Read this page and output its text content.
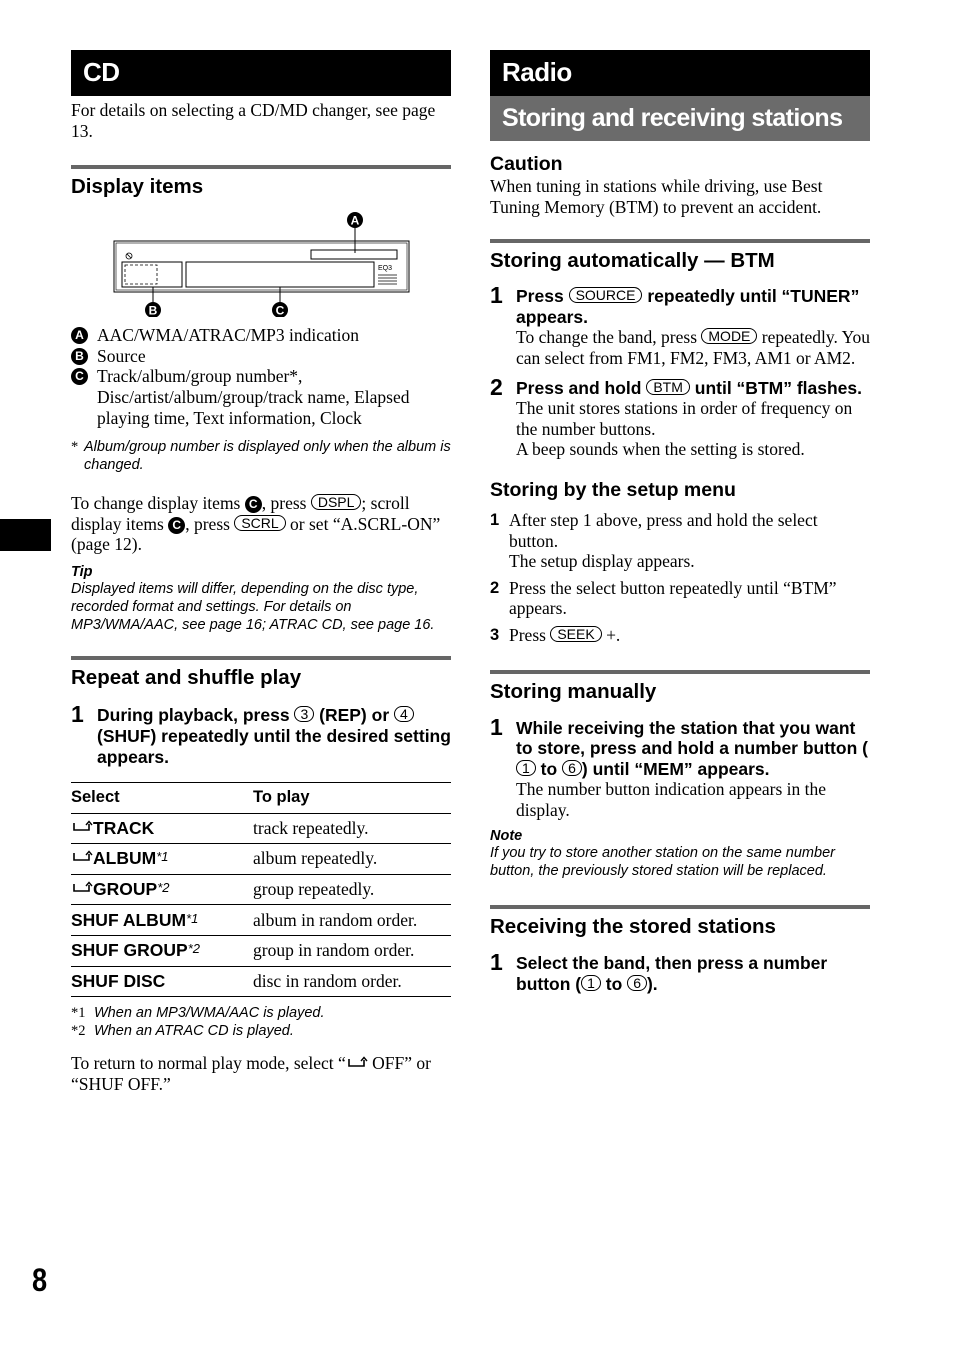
CD

For details on selecting a CD/MD changer, see page 13.

Display items
EQ3
A
B	C
A AAC/WMA/ATRAC/MP3 indication
B Source
C Track/album/group number*, Disc/artist/album/group/track name, Elapsed playing time, Text information, Clock
* Album/group number is displayed only when the album is changed.

To change display items C , press DSPL ; scroll display items C , press SCRL or set “A.SCRL-ON” (page 12).

Tip
Displayed items will differ, depending on the disc type, recorded format and settings. For details on MP3/WMA/AAC, see page 16; ATRAC CD, see page 16.
Repeat and shuffle play
1 During playback, press 3 (REP) or 4 (SHUF) repeatedly until the desired setting appears.
Select	To play
TRACK	track repeatedly.
ALBUM$^{*1}$	album repeatedly.
GROUP$^{*2}$	group repeatedly.
SHUF ALBUM$^{*1}$	album in random order.
SHUF GROUP$^{*2}$	group in random order.
SHUF DISC	disc in random order.
*1 When an MP3/WMA/AAC is played.
*2 When an ATRAC CD is played.

To return to normal play mode, select “ OFF” or “SHUF OFF.”

Radio
Storing and receiving stations
Caution

When tuning in stations while driving, use Best Tuning Memory (BTM) to prevent an accident.

Storing automatically — BTM
1 Press SOURCE repeatedly until “TUNER” appears.

To change the band, press MODE repeatedly. You can select from FM1, FM2, FM3, AM1 or AM2.

2 Press and hold BTM until “BTM” flashes.

The unit stores stations in order of frequency on the number buttons.

A beep sounds when the setting is stored.

Storing by the setup menu
1 After step 1 above, press and hold the select button.
The setup display appears.
2 Press the select button repeatedly until “BTM” appears.
3 Press SEEK +.
Storing manually
1 While receiving the station that you want to store, press and hold a number button (1 to 6 ) until “MEM” appears.

The number button indication appears in the display.

Note
If you try to store another station on the same number button, the previously stored station will be replaced.
Receiving the stored stations
1 Select the band, then press a number button ( 1 to 6 ).
8
